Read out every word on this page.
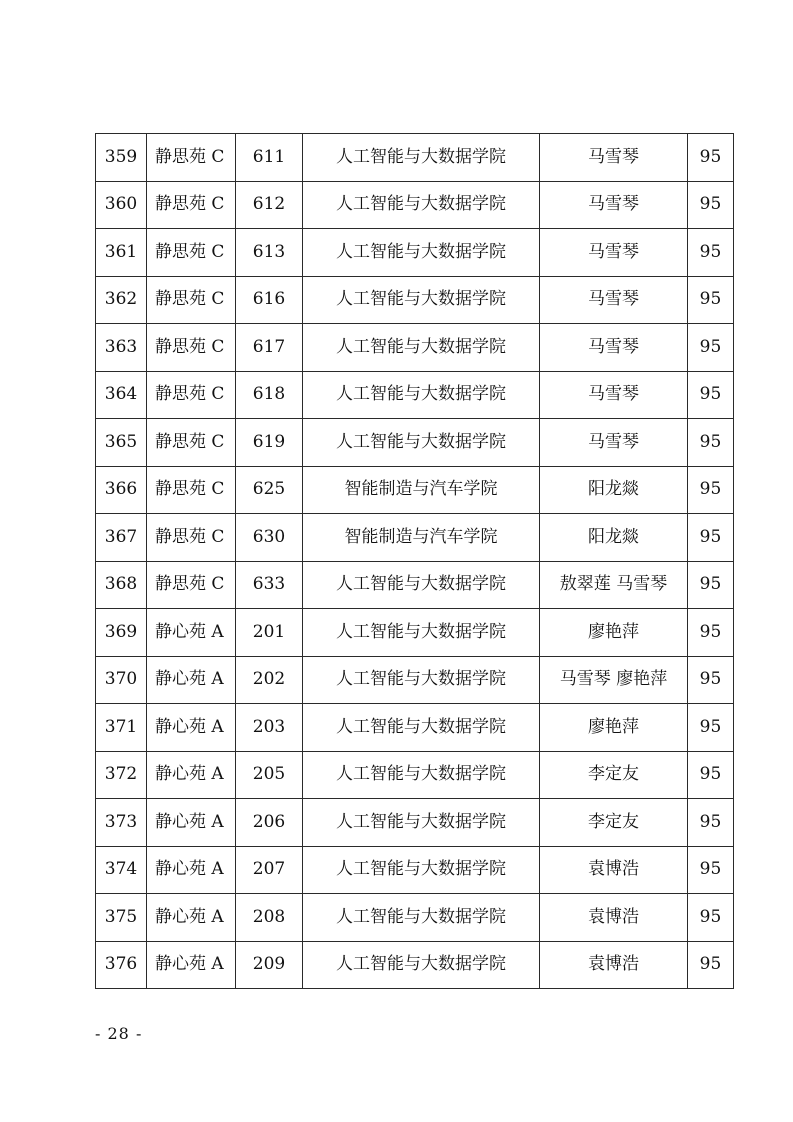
359	静思苑 C	611	人工智能与大数据学院	马雪琴	95
360	静思苑 C	612	人工智能与大数据学院	马雪琴	95
361	静思苑 C	613	人工智能与大数据学院	马雪琴	95
362	静思苑 C	616	人工智能与大数据学院	马雪琴	95
363	静思苑 C	617	人工智能与大数据学院	马雪琴	95
364	静思苑 C	618	人工智能与大数据学院	马雪琴	95
365	静思苑 C	619	人工智能与大数据学院	马雪琴	95
366	静思苑 C	625	智能制造与汽车学院	阳龙燚	95
367	静思苑 C	630	智能制造与汽车学院	阳龙燚	95
368	静思苑 C	633	人工智能与大数据学院	敖翠莲 马雪琴	95
369	静心苑 A	201	人工智能与大数据学院	廖艳萍	95
370	静心苑 A	202	人工智能与大数据学院	马雪琴 廖艳萍	95
371	静心苑 A	203	人工智能与大数据学院	廖艳萍	95
372	静心苑 A	205	人工智能与大数据学院	李定友	95
373	静心苑 A	206	人工智能与大数据学院	李定友	95
374	静心苑 A	207	人工智能与大数据学院	袁博浩	95
375	静心苑 A	208	人工智能与大数据学院	袁博浩	95
376	静心苑 A	209	人工智能与大数据学院	袁博浩	95
- 28 -
